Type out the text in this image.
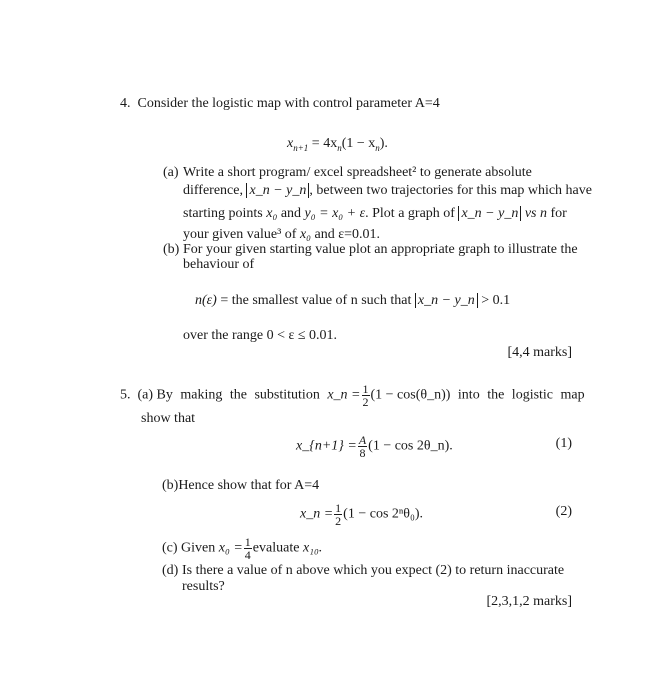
4. Consider the logistic map with control parameter A=4
$x_{n+1} = 4x_n(1 - x_n)$.
(a) Write a short program/ excel spreadsheet² to generate absolute
difference, x_n − y_n , between two trajectories for this map which have
starting points x₀ and y₀ = x₀ + ε. Plot a graph of x_n − y_n vs n for
your given value³ of x₀ and ε=0.01.
(b) For your given starting value plot an appropriate graph to illustrate the
behaviour of
n(ε) = the smallest value of n such that x_n − y_n > 0.1
over the range 0 < ε ≤ 0.01.
[4,4 marks]
5. (a) By making the substitution x_n = $\frac{1}{2} (1$ − cos(θ_n)) into the logistic map
show that
x_{n+1} = $\frac{A}{8} (1 - \cos$ 2θ_n).	(1)
(b)Hence show that for A=4
x_n = $\frac{1}{2} (1 - \cos 2^n\theta_0)$.	(2)
(c) Given $x_0 = \frac{1}{4}$ evaluate x₁₀.
(d) Is there a value of n above which you expect (2) to return inaccurate
results?
[2,3,1,2 marks]
